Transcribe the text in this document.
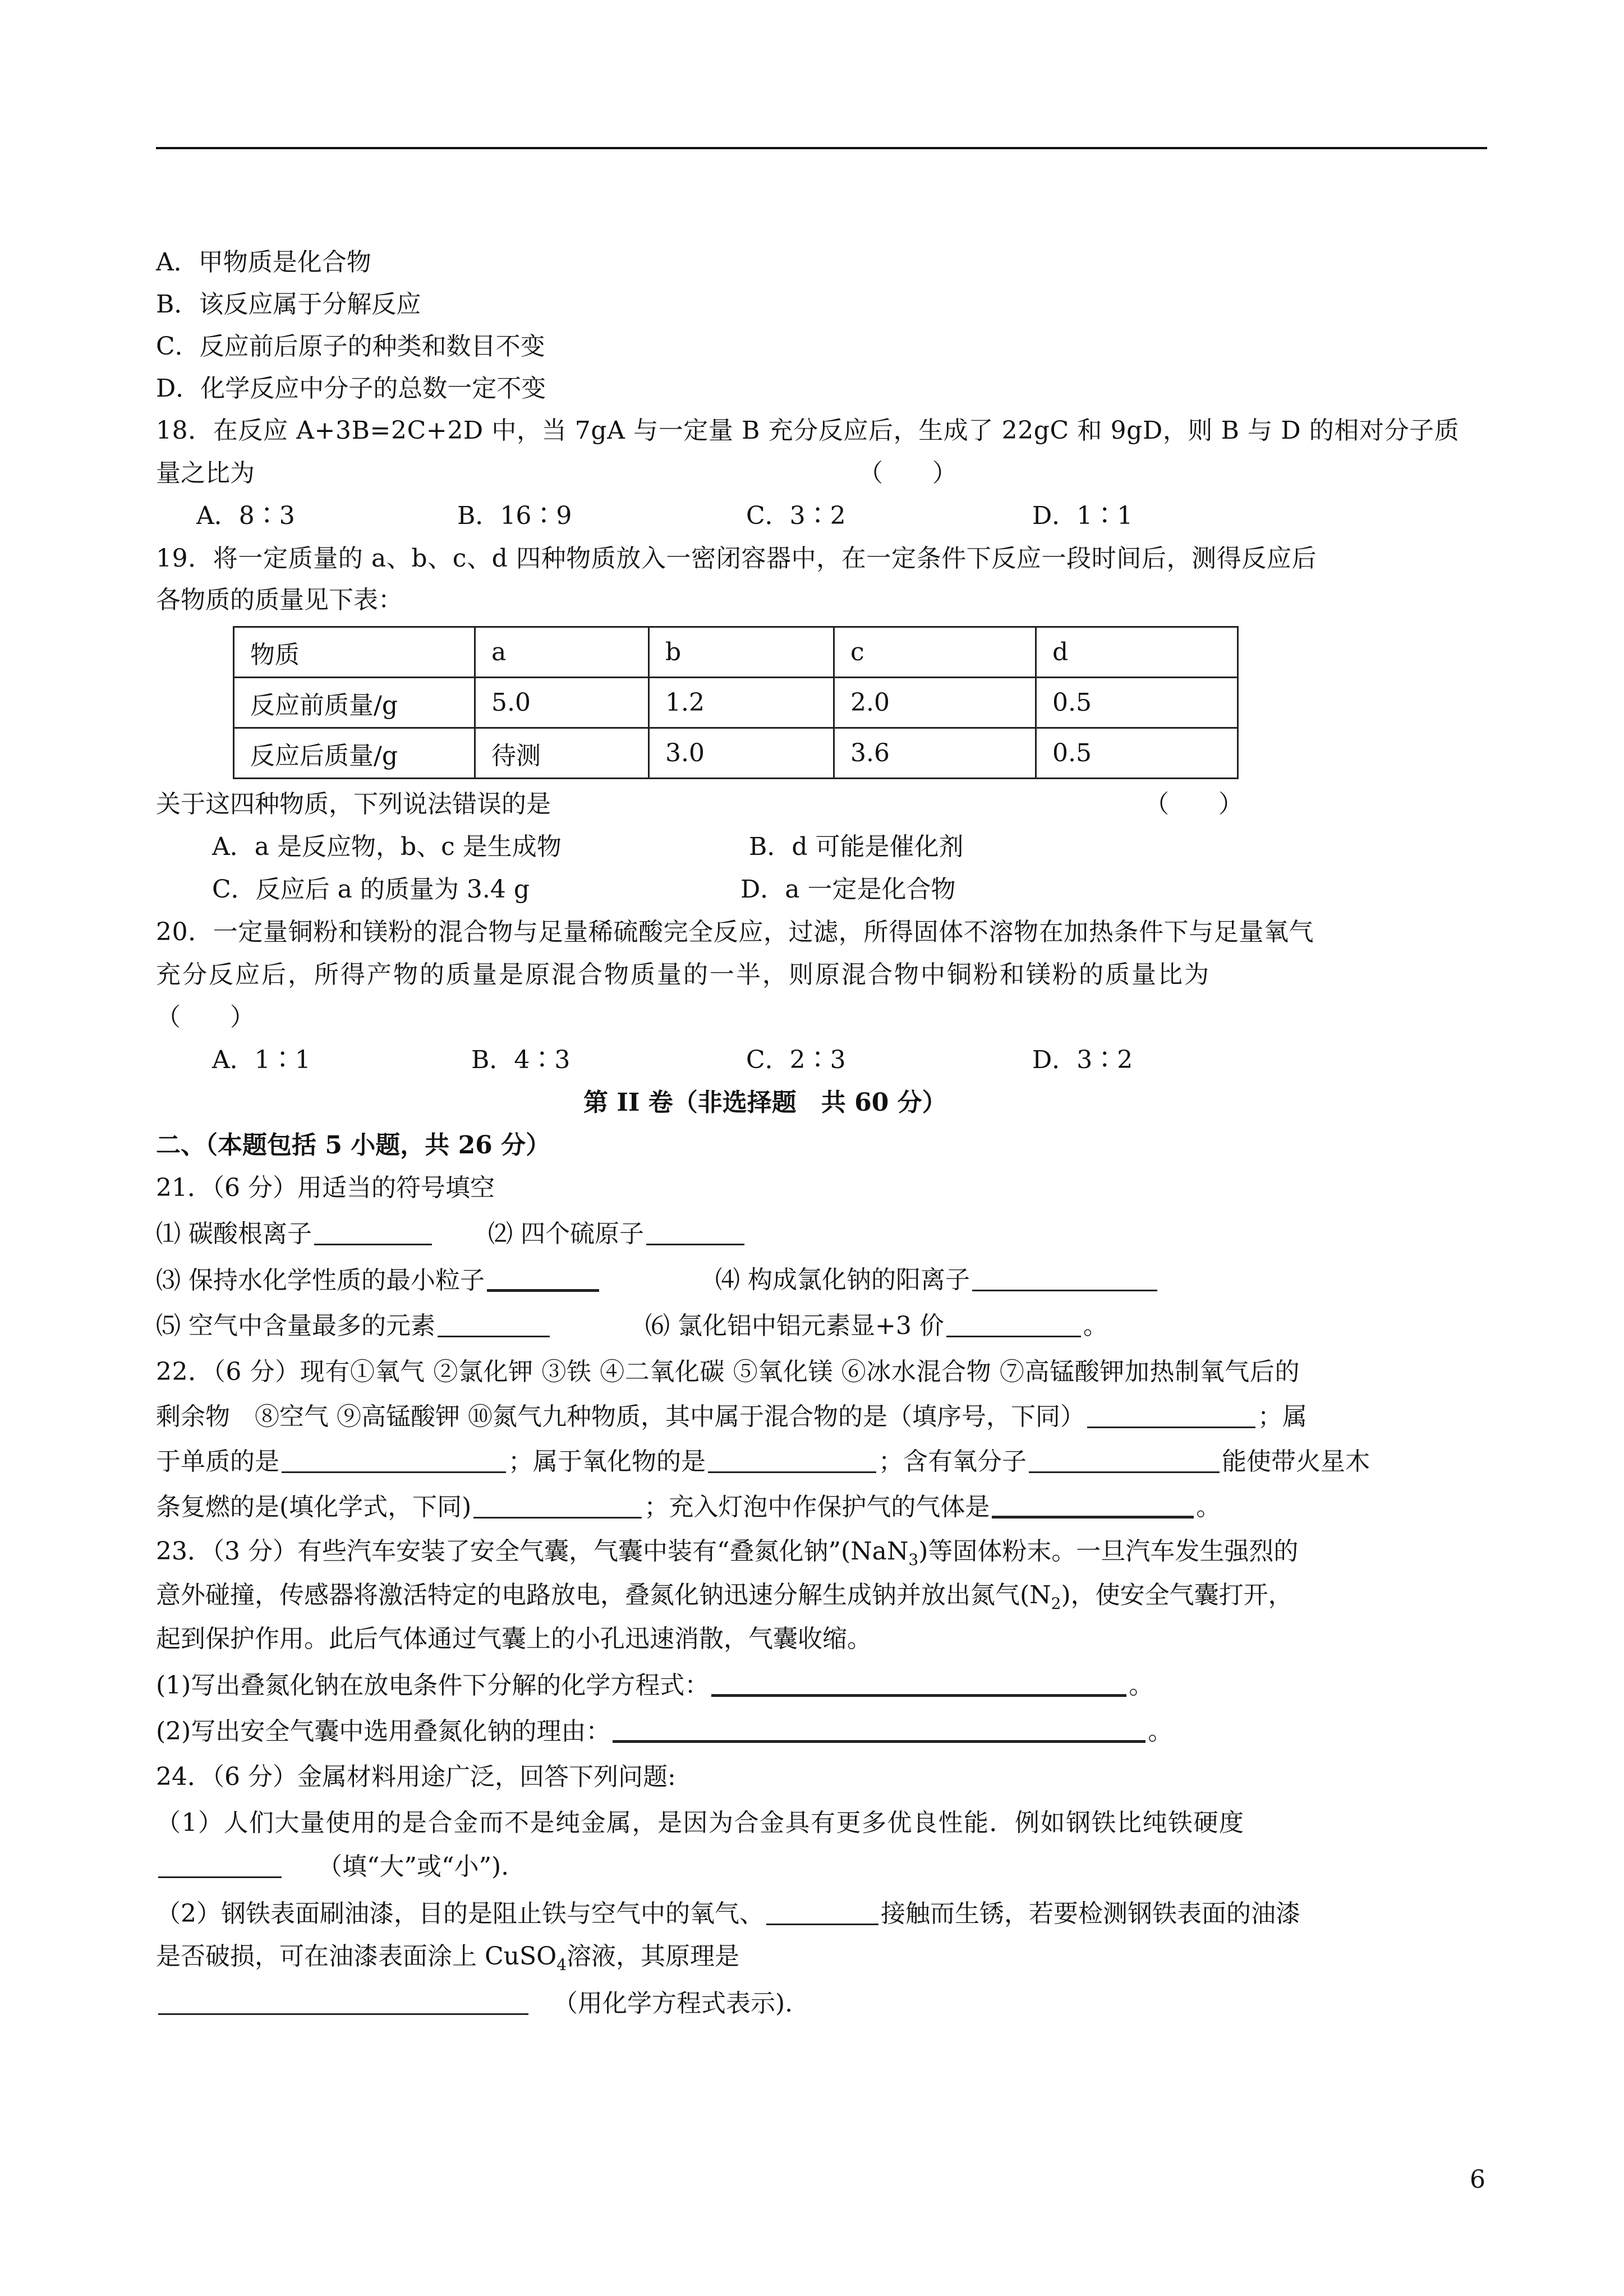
A．甲物质是化合物
B．该反应属于分解反应
C．反应前后原子的种类和数目不变
D．化学反应中分子的总数一定不变
18．在反应 A+3B=2C+2D 中，当 7gA 与一定量 B 充分反应后，生成了 22gC 和 9gD，则 B 与 D 的相对分子质
量之比为	（　　）
A．8∶3	B．16∶9	C．3∶2	D．1∶1
19．将一定质量的 a、b、c、d 四种物质放入一密闭容器中，在一定条件下反应一段时间后，测得反应后
各物质的质量见下表：
物质	a	b	c	d
反应前质量/g	5.0	1.2	2.0	0.5
反应后质量/g	待测	3.0	3.6	0.5
关于这四种物质，下列说法错误的是	（　　）
A．a 是反应物，b、c 是生成物	B．d 可能是催化剂
C．反应后 a 的质量为 3.4 g	D．a 一定是化合物
20．一定量铜粉和镁粉的混合物与足量稀硫酸完全反应，过滤，所得固体不溶物在加热条件下与足量氧气
充分反应后，所得产物的质量是原混合物质量的一半，则原混合物中铜粉和镁粉的质量比为
（　　）
A．1∶1	B．4∶3	C．2∶3	D．3∶2
第 II 卷（非选择题　共 60 分）
二、（本题包括 5 小题，共 26 分）
21．（6 分）用适当的符号填空
⑴ 碳酸根离子	⑵ 四个硫原子
⑶ 保持水化学性质的最小粒子	⑷ 构成氯化钠的阳离子
⑸ 空气中含量最多的元素	⑹ 氯化铝中铝元素显+3 价	。
22．（6 分）现有①氧气 ②氯化钾 ③铁 ④二氧化碳 ⑤氧化镁 ⑥冰水混合物 ⑦高锰酸钾加热制氧气后的
剩余物　⑧空气 ⑨高锰酸钾 ⑩氮气九种物质，其中属于混合物的是（填序号，下同）	；属
于单质的是	；属于氧化物的是	；含有氧分子	能使带火星木
条复燃的是(填化学式，下同)	；充入灯泡中作保护气的气体是	。
23．（3 分）有些汽车安装了安全气囊，气囊中装有“叠氮化钠”(NaN$_3$)等固体粉末。一旦汽车发生强烈的
意外碰撞，传感器将激活特定的电路放电，叠氮化钠迅速分解生成钠并放出氮气$(N_2)$，使安全气囊打开，
起到保护作用。此后气体通过气囊上的小孔迅速消散，气囊收缩。
(1)写出叠氮化钠在放电条件下分解的化学方程式：	。
(2)写出安全气囊中选用叠氮化钠的理由：	。
24．（6 分）金属材料用途广泛，回答下列问题:
（1）人们大量使用的是合金而不是纯金属，是因为合金具有更多优良性能．例如钢铁比纯铁硬度
（填“大”或“小”).
（2）钢铁表面刷油漆，目的是阻止铁与空气中的氧气、	接触而生锈，若要检测钢铁表面的油漆
是否破损，可在油漆表面涂上 CuSO$_4$溶液，其原理是
（用化学方程式表示).
6
